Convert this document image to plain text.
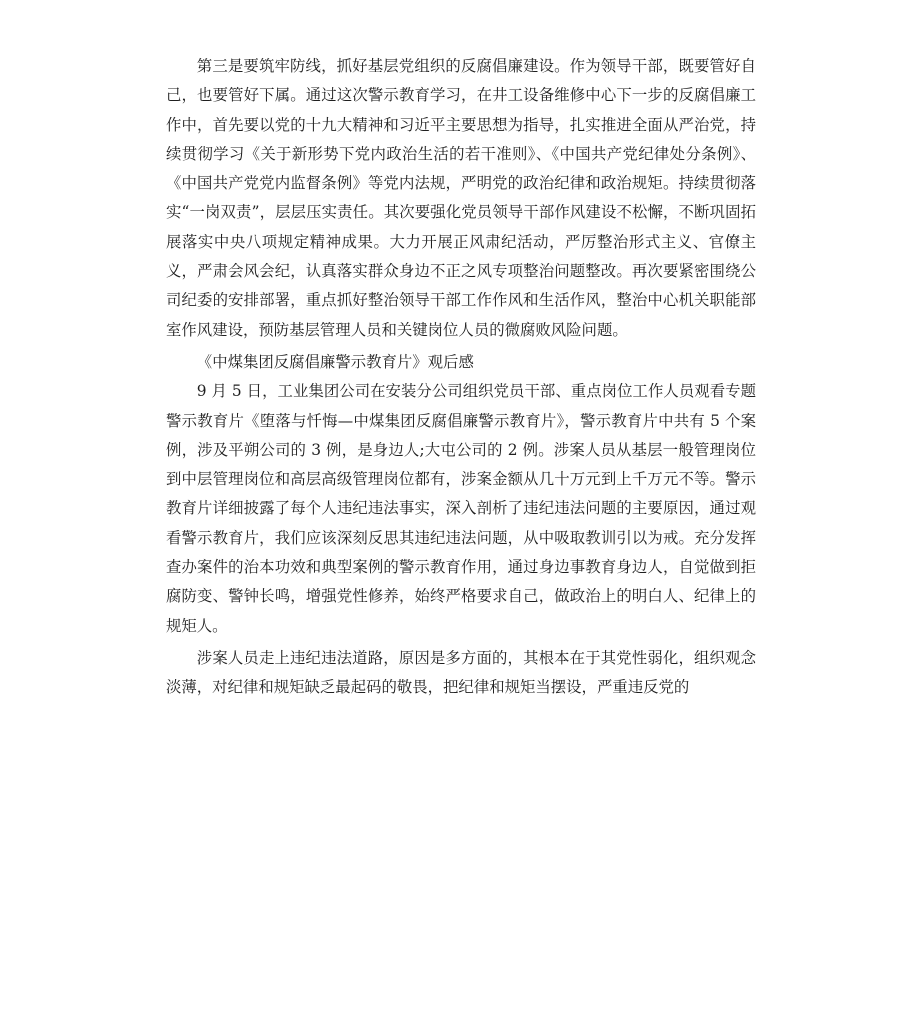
第三是要筑牢防线，抓好基层党组织的反腐倡廉建设。作为领导干部，既要管好自己，也要管好下属。通过这次警示教育学习，在井工设备维修中心下一步的反腐倡廉工作中，首先要以党的十九大精神和习近平主要思想为指导，扎实推进全面从严治党，持续贯彻学习《关于新形势下党内政治生活的若干准则》、《中国共产党纪律处分条例》、《中国共产党党内监督条例》等党内法规，严明党的政治纪律和政治规矩。持续贯彻落实“一岗双责”，层层压实责任。其次要强化党员领导干部作风建设不松懈，不断巩固拓展落实中央八项规定精神成果。大力开展正风肃纪活动，严厉整治形式主义、官僚主义，严肃会风会纪，认真落实群众身边不正之风专项整治问题整改。再次要紧密围绕公司纪委的安排部署，重点抓好整治领导干部工作作风和生活作风，整治中心机关职能部室作风建设，预防基层管理人员和关键岗位人员的微腐败风险问题。

《中煤集团反腐倡廉警示教育片》观后感

9 月 5 日，工业集团公司在安装分公司组织党员干部、重点岗位工作人员观看专题警示教育片《堕落与忏悔—中煤集团反腐倡廉警示教育片》，警示教育片中共有 5 个案例，涉及平朔公司的 3 例，是身边人;大屯公司的 2 例。涉案人员从基层一般管理岗位到中层管理岗位和高层高级管理岗位都有，涉案金额从几十万元到上千万元不等。警示教育片详细披露了每个人违纪违法事实，深入剖析了违纪违法问题的主要原因，通过观看警示教育片，我们应该深刻反思其违纪违法问题，从中吸取教训引以为戒。充分发挥查办案件的治本功效和典型案例的警示教育作用，通过身边事教育身边人，自觉做到拒腐防变、警钟长鸣，增强党性修养，始终严格要求自己，做政治上的明白人、纪律上的规矩人。

涉案人员走上违纪违法道路，原因是多方面的，其根本在于其党性弱化，组织观念淡薄，对纪律和规矩缺乏最起码的敬畏，把纪律和规矩当摆设，严重违反党的
